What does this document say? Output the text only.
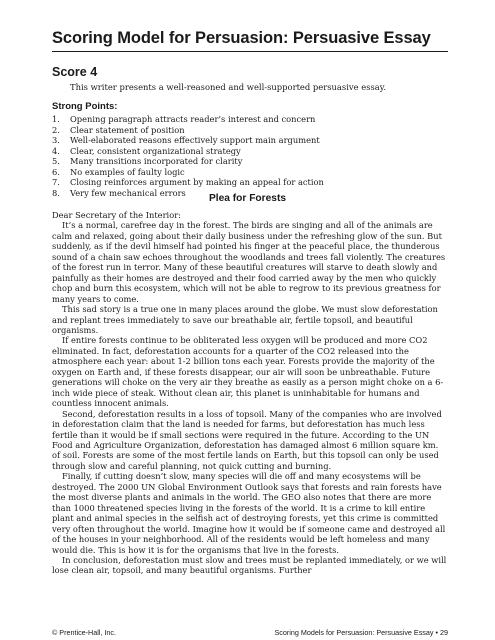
Scoring Model for Persuasion: Persuasive Essay
Score 4
This writer presents a well-reasoned and well-supported persuasive essay.
Strong Points:
1.	Opening paragraph attracts reader’s interest and concern
2.	Clear statement of position
3.	Well-elaborated reasons effectively support main argument
4.	Clear, consistent organizational strategy
5.	Many transitions incorporated for clarity
6.	No examples of faulty logic
7.	Closing reinforces argument by making an appeal for action
8.	Very few mechanical errors
Plea for Forests

Dear Secretary of the Interior:

It’s a normal, carefree day in the forest. The birds are singing and all of the animals are calm and relaxed, going about their daily business under the refreshing glow of the sun. But suddenly, as if the devil himself had pointed his finger at the peaceful place, the thunderous sound of a chain saw echoes throughout the woodlands and trees fall violently. The creatures of the forest run in terror. Many of these beautiful creatures will starve to death slowly and painfully as their homes are destroyed and their food carried away by the men who quickly chop and burn this ecosystem, which will not be able to regrow to its previous greatness for many years to come.

This sad story is a true one in many places around the globe. We must slow deforestation and replant trees immediately to save our breathable air, fertile topsoil, and beautiful organisms.

If entire forests continue to be obliterated less oxygen will be produced and more CO2 eliminated. In fact, deforestation accounts for a quarter of the CO2 released into the atmosphere each year: about 1-2 billion tons each year. Forests provide the majority of the oxygen on Earth and, if these forests disappear, our air will soon be unbreathable. Future generations will choke on the very air they breathe as easily as a person might choke on a 6-inch wide piece of steak. Without clean air, this planet is uninhabitable for humans and countless innocent animals.

Second, deforestation results in a loss of topsoil. Many of the companies who are involved in deforestation claim that the land is needed for farms, but deforestation has much less fertile than it would be if small sections were required in the future. According to the UN Food and Agriculture Organization, deforestation has damaged almost 6 million square km. of soil. Forests are some of the most fertile lands on Earth, but this topsoil can only be used through slow and careful planning, not quick cutting and burning.

Finally, if cutting doesn’t slow, many species will die off and many ecosystems will be destroyed. The 2000 UN Global Environment Outlook says that forests and rain forests have the most diverse plants and animals in the world. The GEO also notes that there are more than 1000 threatened species living in the forests of the world. It is a crime to kill entire plant and animal species in the selfish act of destroying forests, yet this crime is committed very often throughout the world. Imagine how it would be if someone came and destroyed all of the houses in your neighborhood. All of the residents would be left homeless and many would die. This is how it is for the organisms that live in the forests.

In conclusion, deforestation must slow and trees must be replanted immediately, or we will lose clean air, topsoil, and many beautiful organisms. Further

© Prentice-Hall, Inc.	Scoring Models for Persuasion: Persuasive Essay • 29
